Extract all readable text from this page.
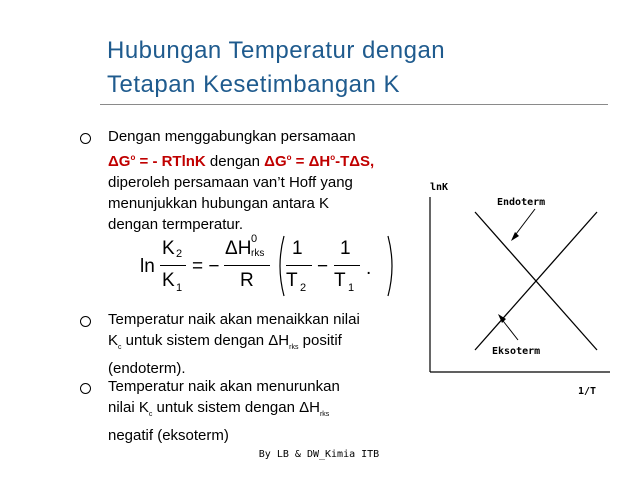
Hubungan Temperatur dengan
Tetapan Kesetimbangan K
Dengan menggabungkan persamaan
$\Delta G^o$ = - RTlnK dengan $\Delta G^o = \Delta H^o-T\Delta S$,
diperoleh persamaan van’t Hoff yang
menunjukkan hubungan antara K
dengan termperatur.
ln
K 2
K 1
= −
ΔH 0
rks
R
1
T 2
−
1
T 1
.
Temperatur naik akan menaikkan nilai
$K_c$ untuk sistem dengan $\Delta H_{rks}$ positif
(endoterm).
Temperatur naik akan menurunkan
nilai $K_c$ untuk sistem dengan $\Delta H_{rks}$
negatif (eksoterm)
lnK
1/T
Endoterm
Eksoterm
By LB & DW_Kimia ITB
